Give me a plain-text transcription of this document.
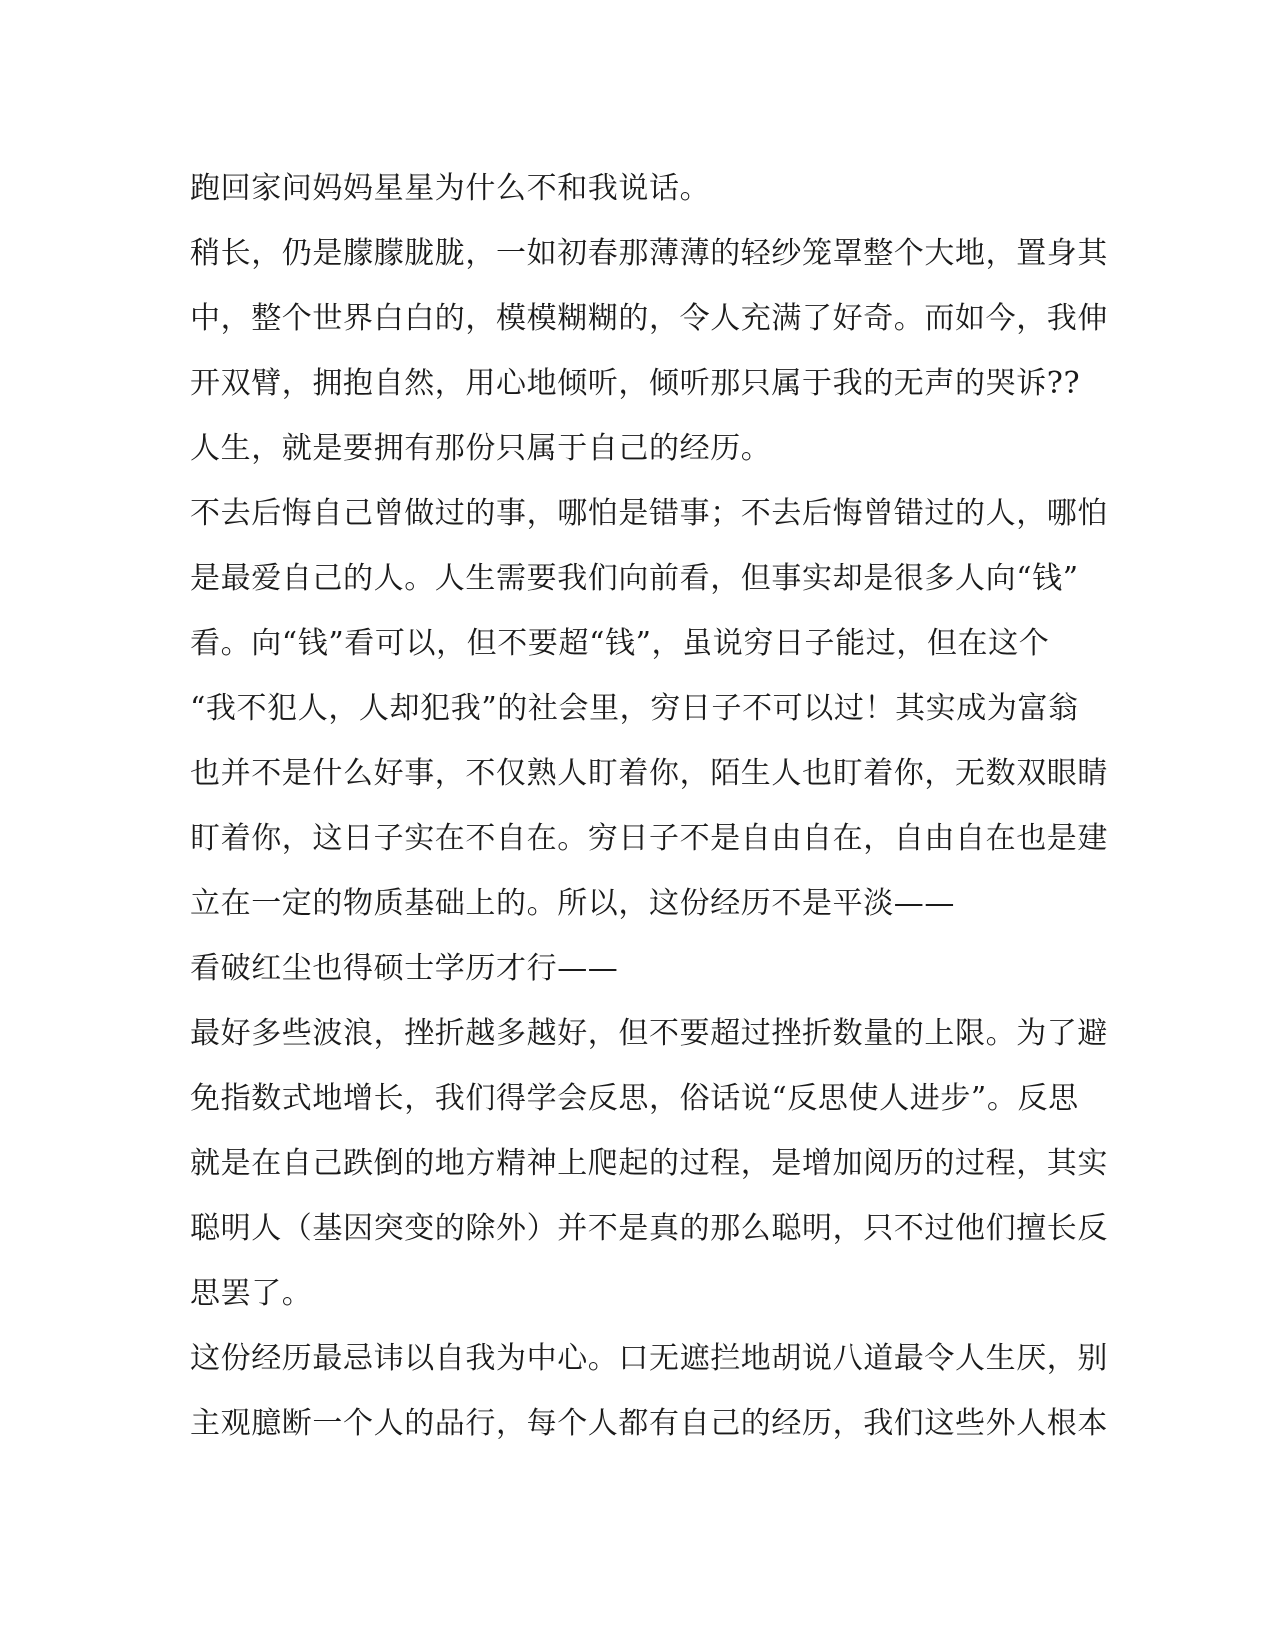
跑回家问妈妈星星为什么不和我说话。
稍长，仍是朦朦胧胧，一如初春那薄薄的轻纱笼罩整个大地，置身其
中，整个世界白白的，模模糊糊的，令人充满了好奇。而如今，我伸
开双臂，拥抱自然，用心地倾听，倾听那只属于我的无声的哭诉??
人生，就是要拥有那份只属于自己的经历。
不去后悔自己曾做过的事，哪怕是错事；不去后悔曾错过的人，哪怕
是最爱自己的人。人生需要我们向前看，但事实却是很多人向“钱”
看。向“钱”看可以，但不要超“钱”，虽说穷日子能过，但在这个
“我不犯人，人却犯我”的社会里，穷日子不可以过！其实成为富翁
也并不是什么好事，不仅熟人盯着你，陌生人也盯着你，无数双眼睛
盯着你，这日子实在不自在。穷日子不是自由自在，自由自在也是建
立在一定的物质基础上的。所以，这份经历不是平淡——
看破红尘也得硕士学历才行——
最好多些波浪，挫折越多越好，但不要超过挫折数量的上限。为了避
免指数式地增长，我们得学会反思，俗话说“反思使人进步”。反思
就是在自己跌倒的地方精神上爬起的过程，是增加阅历的过程，其实
聪明人（基因突变的除外）并不是真的那么聪明，只不过他们擅长反
思罢了。
这份经历最忌讳以自我为中心。口无遮拦地胡说八道最令人生厌，别
主观臆断一个人的品行，每个人都有自己的经历，我们这些外人根本
